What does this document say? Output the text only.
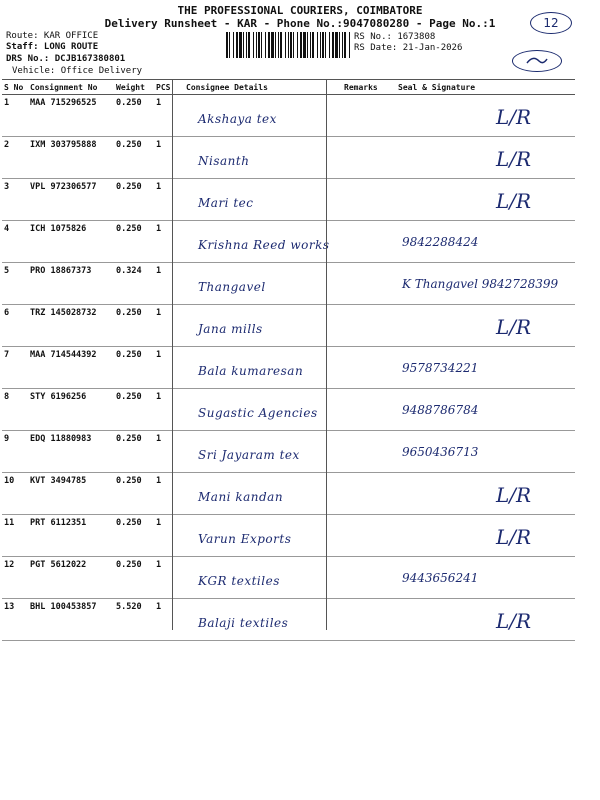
THE PROFESSIONAL COURIERS, COIMBATORE
Delivery Runsheet - KAR - Phone No.:9047080280 - Page No.:1
Route: KAR OFFICE
Staff: LONG ROUTE
DRS No.: DCJB167380801
Vehicle: Office Delivery
RS No.: 1673808
RS Date: 21-Jan-2026
12
S No	Consignment No	Weight	PCS	Consignee Details	Remarks	Seal & Signature
1	MAA 715296525	0.250	1	Akshaya tex		L/R

2	IXM 303795888	0.250	1	Nisanth		L/R

3	VPL 972306577	0.250	1	Mari tec		L/R

4	ICH 1075826	0.250	1	Krishna Reed works		9842288424

5	PRO 18867373	0.324	1	Thangavel		K Thangavel 9842728399

6	TRZ 145028732	0.250	1	Jana mills		L/R

7	MAA 714544392	0.250	1	Bala kumaresan		9578734221

8	STY 6196256	0.250	1	Sugastic Agencies		9488786784

9	EDQ 11880983	0.250	1	Sri Jayaram tex		9650436713

10	KVT 3494785	0.250	1	Mani kandan		L/R

11	PRT 6112351	0.250	1	Varun Exports		L/R

12	PGT 5612022	0.250	1	KGR textiles		9443656241

13	BHL 100453857	5.520	1	Balaji textiles		L/R
